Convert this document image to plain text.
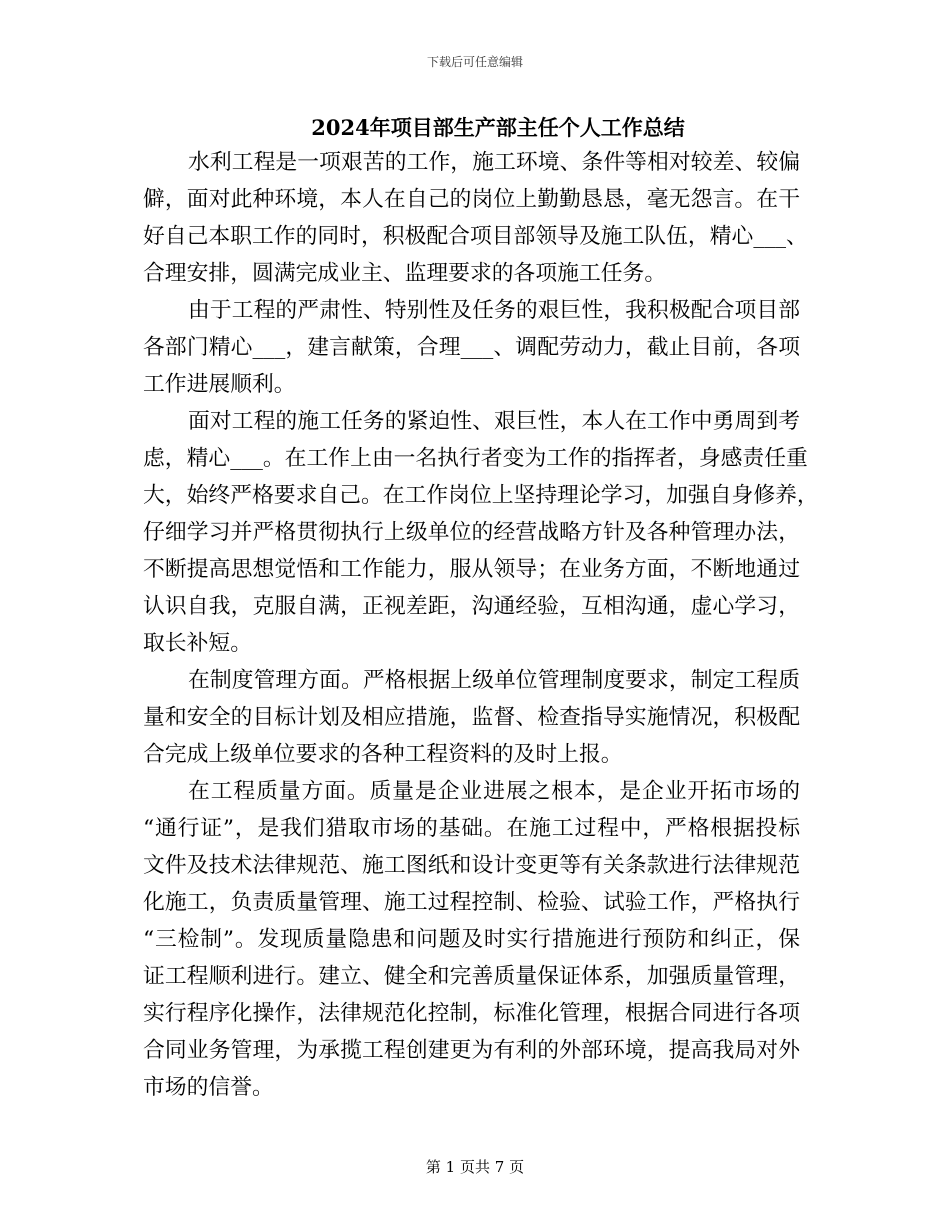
下载后可任意编辑
2024年项目部生产部主任个人工作总结
水利工程是一项艰苦的工作，施工环境、条件等相对较差、较偏
僻，面对此种环境，本人在自己的岗位上勤勤恳恳，毫无怨言。在干
好自己本职工作的同时，积极配合项目部领导及施工队伍，精心___、
合理安排，圆满完成业主、监理要求的各项施工任务。
由于工程的严肃性、特别性及任务的艰巨性，我积极配合项目部
各部门精心___，建言献策，合理___、调配劳动力，截止目前，各项
工作进展顺利。
面对工程的施工任务的紧迫性、艰巨性，本人在工作中勇周到考
虑，精心___。在工作上由一名执行者变为工作的指挥者，身感责任重
大，始终严格要求自己。在工作岗位上坚持理论学习，加强自身修养，
仔细学习并严格贯彻执行上级单位的经营战略方针及各种管理办法，
不断提高思想觉悟和工作能力，服从领导；在业务方面，不断地通过
认识自我，克服自满，正视差距，沟通经验，互相沟通，虚心学习，
取长补短。
在制度管理方面。严格根据上级单位管理制度要求，制定工程质
量和安全的目标计划及相应措施，监督、检查指导实施情况，积极配
合完成上级单位要求的各种工程资料的及时上报。
在工程质量方面。质量是企业进展之根本，是企业开拓市场的
“通行证”，是我们猎取市场的基础。在施工过程中，严格根据投标
文件及技术法律规范、施工图纸和设计变更等有关条款进行法律规范
化施工，负责质量管理、施工过程控制、检验、试验工作，严格执行
“三检制”。发现质量隐患和问题及时实行措施进行预防和纠正，保
证工程顺利进行。建立、健全和完善质量保证体系，加强质量管理，
实行程序化操作，法律规范化控制，标准化管理，根据合同进行各项
合同业务管理，为承揽工程创建更为有利的外部环境，提高我局对外
市场的信誉。
第 1 页共 7 页
